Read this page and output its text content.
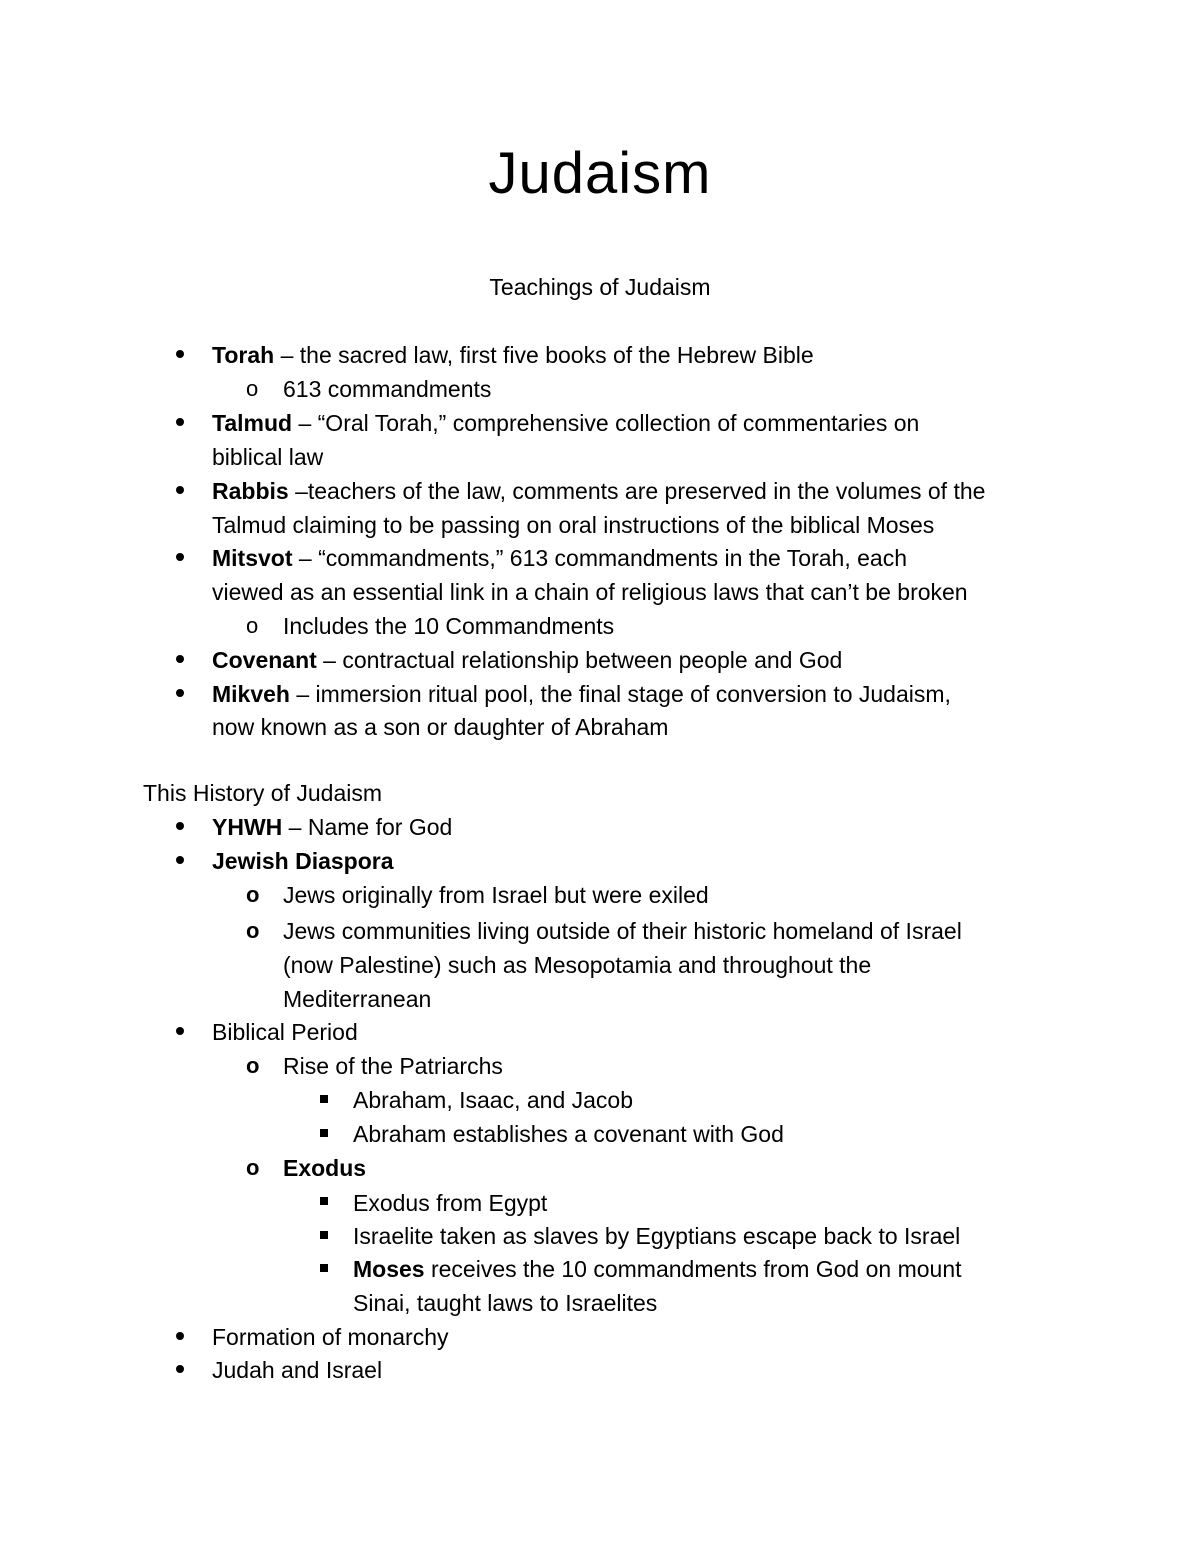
Judaism
Teachings of Judaism
Torah – the sacred law, first five books of the Hebrew Bible
o 613 commandments
Talmud – “Oral Torah,” comprehensive collection of commentaries on
biblical law
Rabbis –teachers of the law, comments are preserved in the volumes of the
Talmud claiming to be passing on oral instructions of the biblical Moses
Mitsvot – “commandments,” 613 commandments in the Torah, each
viewed as an essential link in a chain of religious laws that can’t be broken
o Includes the 10 Commandments
Covenant – contractual relationship between people and God
Mikveh – immersion ritual pool, the final stage of conversion to Judaism,
now known as a son or daughter of Abraham
This History of Judaism
YHWH – Name for God
Jewish Diaspora
o Jews originally from Israel but were exiled
o Jews communities living outside of their historic homeland of Israel
(now Palestine) such as Mesopotamia and throughout the
Mediterranean
Biblical Period
o Rise of the Patriarchs
Abraham, Isaac, and Jacob
Abraham establishes a covenant with God
o Exodus
Exodus from Egypt
Israelite taken as slaves by Egyptians escape back to Israel
Moses receives the 10 commandments from God on mount
Sinai, taught laws to Israelites
Formation of monarchy
Judah and Israel
